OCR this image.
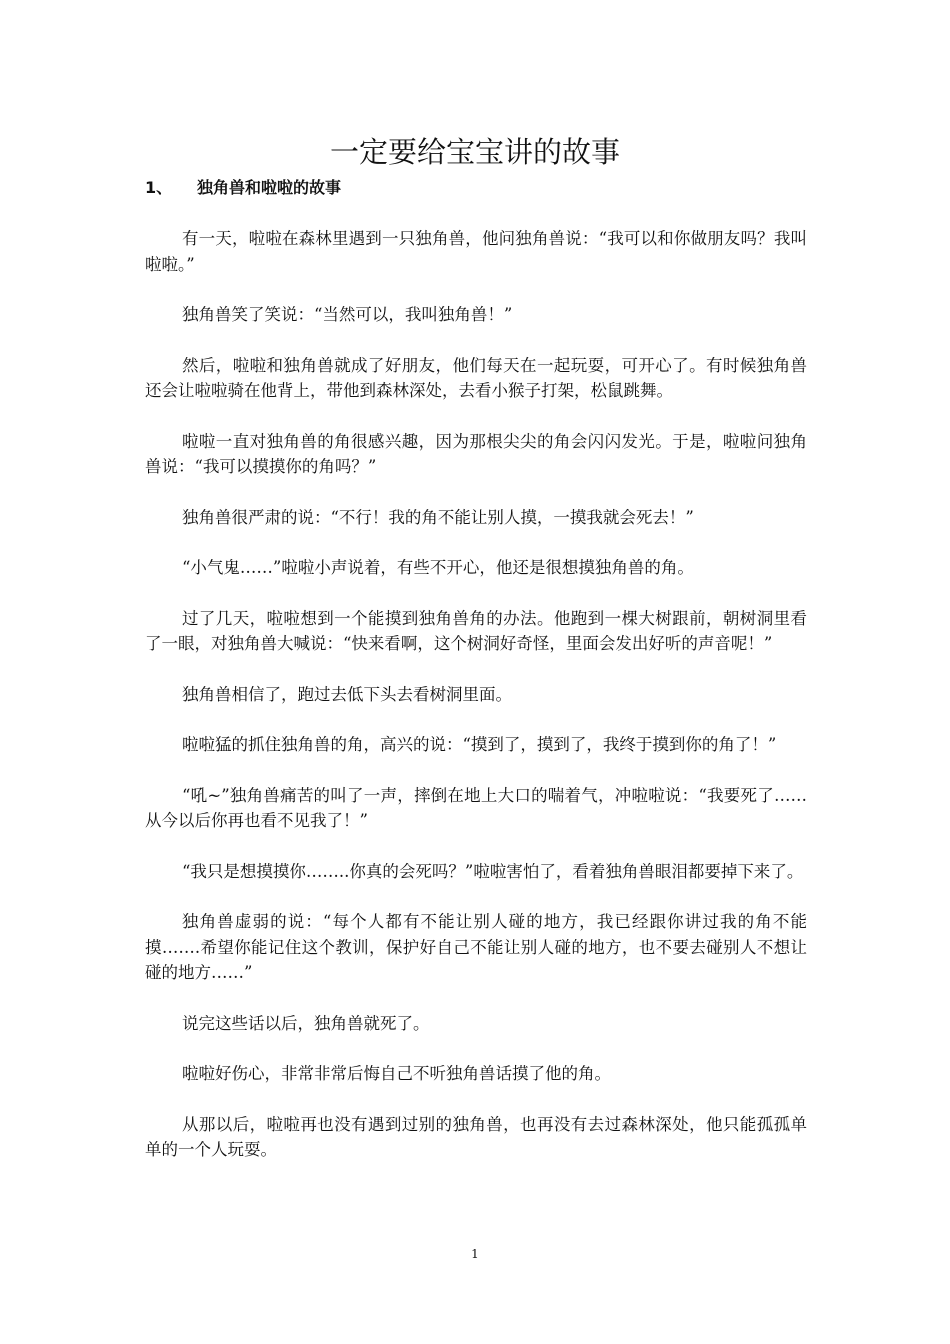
一定要给宝宝讲的故事
1、 独角兽和啦啦的故事

有一天，啦啦在森林里遇到一只独角兽，他问独角兽说：“我可以和你做朋友吗？我叫啦啦。”

独角兽笑了笑说：“当然可以，我叫独角兽！”

然后，啦啦和独角兽就成了好朋友，他们每天在一起玩耍，可开心了。有时候独角兽还会让啦啦骑在他背上，带他到森林深处，去看小猴子打架，松鼠跳舞。

啦啦一直对独角兽的角很感兴趣，因为那根尖尖的角会闪闪发光。于是，啦啦问独角兽说：“我可以摸摸你的角吗？”

独角兽很严肃的说：“不行！我的角不能让别人摸，一摸我就会死去！”

“小气鬼……”啦啦小声说着，有些不开心，他还是很想摸独角兽的角。

过了几天，啦啦想到一个能摸到独角兽角的办法。他跑到一棵大树跟前，朝树洞里看了一眼，对独角兽大喊说：“快来看啊，这个树洞好奇怪，里面会发出好听的声音呢！”

独角兽相信了，跑过去低下头去看树洞里面。

啦啦猛的抓住独角兽的角，高兴的说：“摸到了，摸到了，我终于摸到你的角了！”

“吼~”独角兽痛苦的叫了一声，摔倒在地上大口的喘着气，冲啦啦说：“我要死了……从今以后你再也看不见我了！”

“我只是想摸摸你……..你真的会死吗？”啦啦害怕了，看着独角兽眼泪都要掉下来了。

独角兽虚弱的说：“每个人都有不能让别人碰的地方，我已经跟你讲过我的角不能摸…….希望你能记住这个教训，保护好自己不能让别人碰的地方，也不要去碰别人不想让碰的地方……”

说完这些话以后，独角兽就死了。

啦啦好伤心，非常非常后悔自己不听独角兽话摸了他的角。

从那以后，啦啦再也没有遇到过别的独角兽，也再没有去过森林深处，他只能孤孤单单的一个人玩耍。

1
